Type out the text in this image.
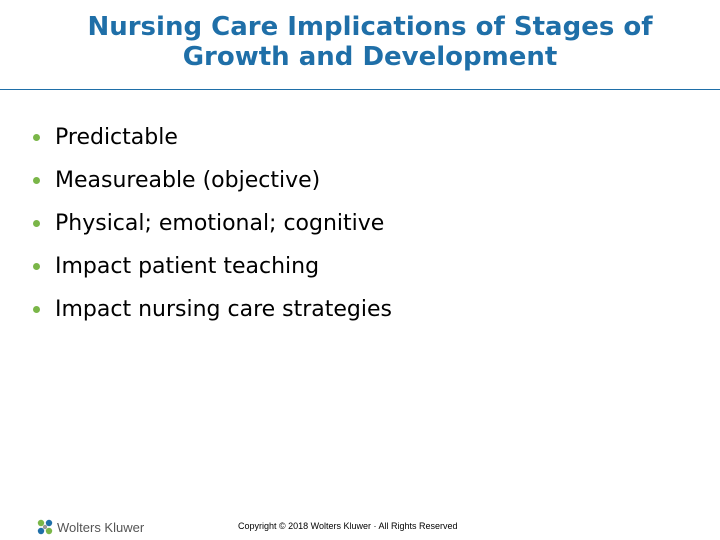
Nursing Care Implications of Stages of
Growth and Development
Predictable
Measureable (objective)
Physical; emotional; cognitive
Impact patient teaching
Impact nursing care strategies
Wolters Kluwer	Copyright © 2018 Wolters Kluwer · All Rights Reserved
